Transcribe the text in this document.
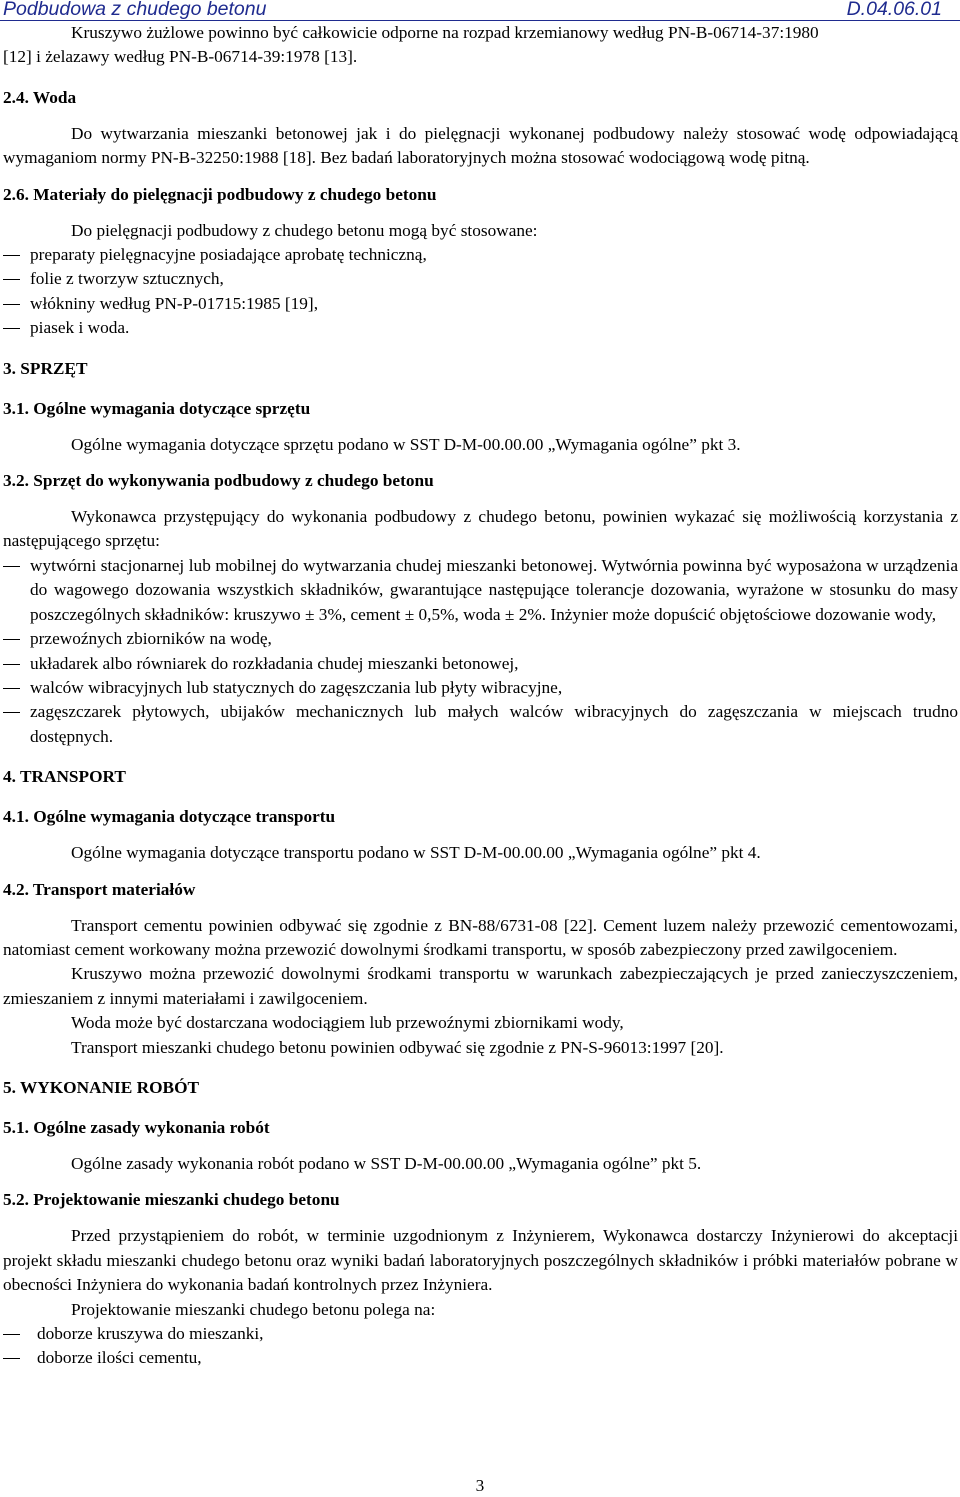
Podbudowa z chudego betonu	D.04.06.01

Kruszywo żużlowe powinno być całkowicie odporne na rozpad krzemianowy według PN-B-06714-37:1980

[12] i żelazawy według PN-B-06714-39:1978 [13].

2.4. Woda

Do wytwarzania mieszanki betonowej jak i do pielęgnacji wykonanej podbudowy należy stosować wodę odpowiadającą wymaganiom normy PN-B-32250:1988 [18]. Bez badań laboratoryjnych można stosować wodociągową wodę pitną.

2.6. Materiały do pielęgnacji podbudowy z chudego betonu

Do pielęgnacji podbudowy z chudego betonu mogą być stosowane:

preparaty pielęgnacyjne posiadające aprobatę techniczną,
folie z tworzyw sztucznych,
włókniny według PN-P-01715:1985 [19],
piasek i woda.
3. SPRZĘT
3.1. Ogólne wymagania dotyczące sprzętu

Ogólne wymagania dotyczące sprzętu podano w SST D-M-00.00.00 „Wymagania ogólne” pkt 3.

3.2. Sprzęt do wykonywania podbudowy z chudego betonu

Wykonawca przystępujący do wykonania podbudowy z chudego betonu, powinien wykazać się możliwością korzystania z następującego sprzętu:

wytwórni stacjonarnej lub mobilnej do wytwarzania chudej mieszanki betonowej. Wytwórnia powinna być wyposażona w urządzenia do wagowego dozowania wszystkich składników, gwarantujące następujące tolerancje dozowania, wyrażone w stosunku do masy poszczególnych składników: kruszywo ± 3%, cement ± 0,5%, woda ± 2%. Inżynier może dopuścić objętościowe dozowanie wody,
przewoźnych zbiorników na wodę,
układarek albo równiarek do rozkładania chudej mieszanki betonowej,
walców wibracyjnych lub statycznych do zagęszczania lub płyty wibracyjne,
zagęszczarek płytowych, ubijaków mechanicznych lub małych walców wibracyjnych do zagęszczania w miejscach trudno dostępnych.
4. TRANSPORT
4.1. Ogólne wymagania dotyczące transportu

Ogólne wymagania dotyczące transportu podano w SST D-M-00.00.00 „Wymagania ogólne” pkt 4.

4.2. Transport materiałów

Transport cementu powinien odbywać się zgodnie z BN-88/6731-08 [22]. Cement luzem należy przewozić cementowozami, natomiast cement workowany można przewozić dowolnymi środkami transportu, w sposób zabezpieczony przed zawilgoceniem.

Kruszywo można przewozić dowolnymi środkami transportu w warunkach zabezpieczających je przed zanieczyszczeniem, zmieszaniem z innymi materiałami i zawilgoceniem.

Woda może być dostarczana wodociągiem lub przewoźnymi zbiornikami wody,

Transport mieszanki chudego betonu powinien odbywać się zgodnie z PN-S-96013:1997 [20].

5. WYKONANIE ROBÓT
5.1. Ogólne zasady wykonania robót

Ogólne zasady wykonania robót podano w SST D-M-00.00.00 „Wymagania ogólne” pkt 5.

5.2. Projektowanie mieszanki chudego betonu

Przed przystąpieniem do robót, w terminie uzgodnionym z Inżynierem, Wykonawca dostarczy Inżynierowi do akceptacji projekt składu mieszanki chudego betonu oraz wyniki badań laboratoryjnych poszczególnych składników i próbki materiałów pobrane w obecności Inżyniera do wykonania badań kontrolnych przez Inżyniera.

Projektowanie mieszanki chudego betonu polega na:

doborze kruszywa do mieszanki,
doborze ilości cementu,
3
